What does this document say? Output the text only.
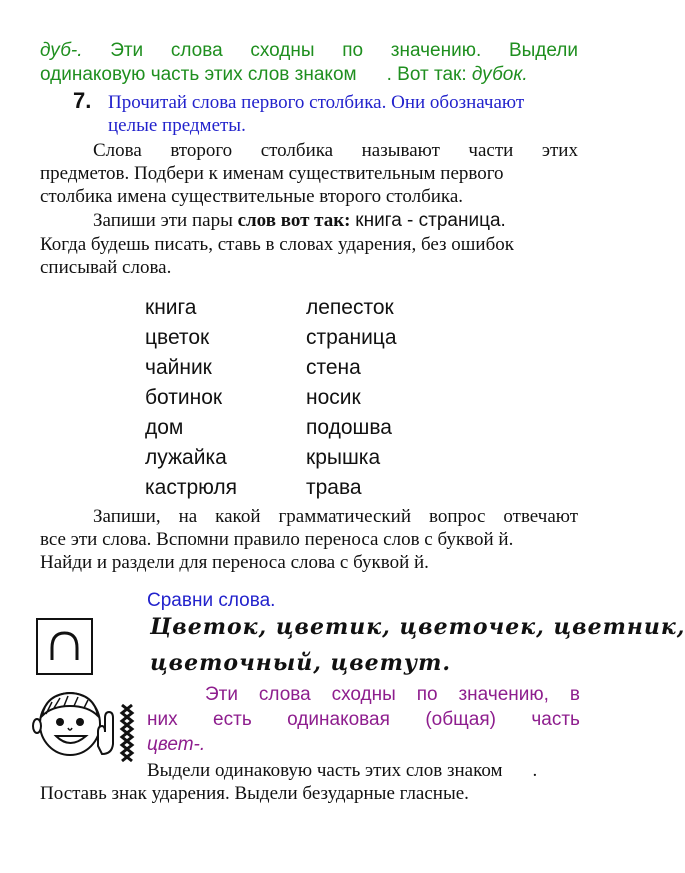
дуб-. Эти слова сходны по значению. Выдели
одинаковую часть этих слов знаком . Вот так: дубок.
7. Прочитай слова первого столбика. Они обозначают
целые предметы.
Слова второго столбика называют части этих
предметов. Подбери к именам существительным первого
столбика имена существительные второго столбика.
Запиши эти пары слов вот так: книга - страница.
Когда будешь писать, ставь в словах ударения, без ошибок
списывай слова.
книга
цветок
чайник
ботинок
дом
лужайка
кастрюля
лепесток
страница
стена
носик
подошва
крышка
трава
Запиши, на какой грамматический вопрос отвечают
все эти слова. Вспомни правило переноса слов с буквой й.
Найди и раздели для переноса слова с буквой й.
Сравни слова.
Цветок, цветик, цветочек, цветник,
цветочный, цветут.
Эти слова сходны по значению, в
них есть одинаковая (общая) часть
цвет-.
Выдели одинаковую часть этих слов знаком .
Поставь знак ударения. Выдели безударные гласные.
